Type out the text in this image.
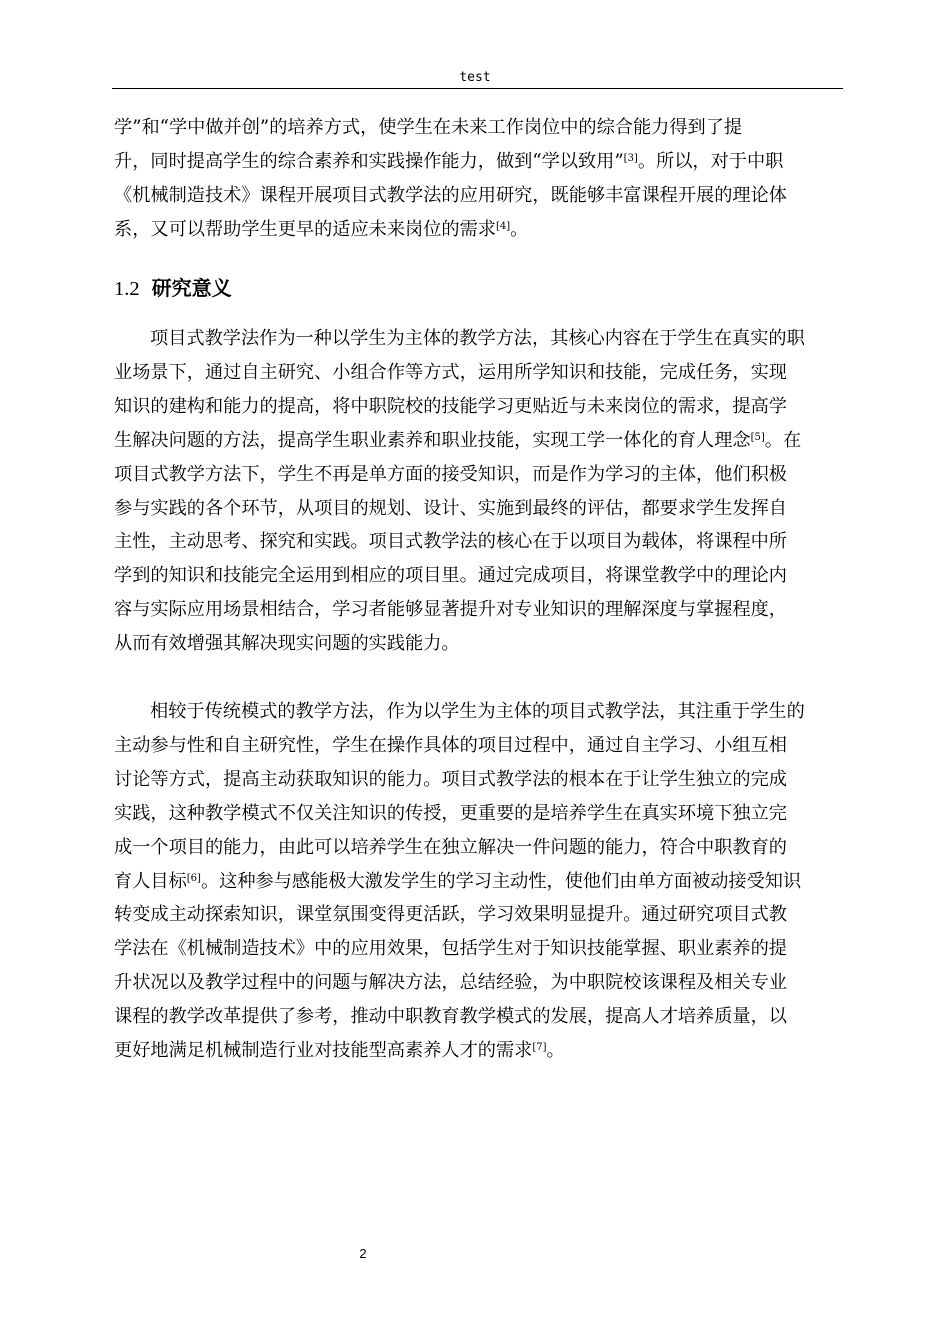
test
学”和“学中做并创”的培养方式，使学生在未来工作岗位中的综合能力得到了提
升，同时提高学生的综合素养和实践操作能力，做到“学以致用”[3]。所以，对于中职
《机械制造技术》课程开展项目式教学法的应用研究，既能够丰富课程开展的理论体
系，又可以帮助学生更早的适应未来岗位的需求[4]。
1.2 研究意义
项目式教学法作为一种以学生为主体的教学方法，其核心内容在于学生在真实的职
业场景下，通过自主研究、小组合作等方式，运用所学知识和技能，完成任务，实现
知识的建构和能力的提高，将中职院校的技能学习更贴近与未来岗位的需求，提高学
生解决问题的方法，提高学生职业素养和职业技能，实现工学一体化的育人理念[5]。在
项目式教学方法下，学生不再是单方面的接受知识，而是作为学习的主体，他们积极
参与实践的各个环节，从项目的规划、设计、实施到最终的评估，都要求学生发挥自
主性，主动思考、探究和实践。项目式教学法的核心在于以项目为载体，将课程中所
学到的知识和技能完全运用到相应的项目里。通过完成项目，将课堂教学中的理论内
容与实际应用场景相结合，学习者能够显著提升对专业知识的理解深度与掌握程度，
从而有效增强其解决现实问题的实践能力。
相较于传统模式的教学方法，作为以学生为主体的项目式教学法，其注重于学生的
主动参与性和自主研究性，学生在操作具体的项目过程中，通过自主学习、小组互相
讨论等方式，提高主动获取知识的能力。项目式教学法的根本在于让学生独立的完成
实践，这种教学模式不仅关注知识的传授，更重要的是培养学生在真实环境下独立完
成一个项目的能力，由此可以培养学生在独立解决一件问题的能力，符合中职教育的
育人目标[6]。这种参与感能极大激发学生的学习主动性，使他们由单方面被动接受知识
转变成主动探索知识，课堂氛围变得更活跃，学习效果明显提升。通过研究项目式教
学法在《机械制造技术》中的应用效果，包括学生对于知识技能掌握、职业素养的提
升状况以及教学过程中的问题与解决方法，总结经验，为中职院校该课程及相关专业
课程的教学改革提供了参考，推动中职教育教学模式的发展，提高人才培养质量，以
更好地满足机械制造行业对技能型高素养人才的需求[7]。
2
